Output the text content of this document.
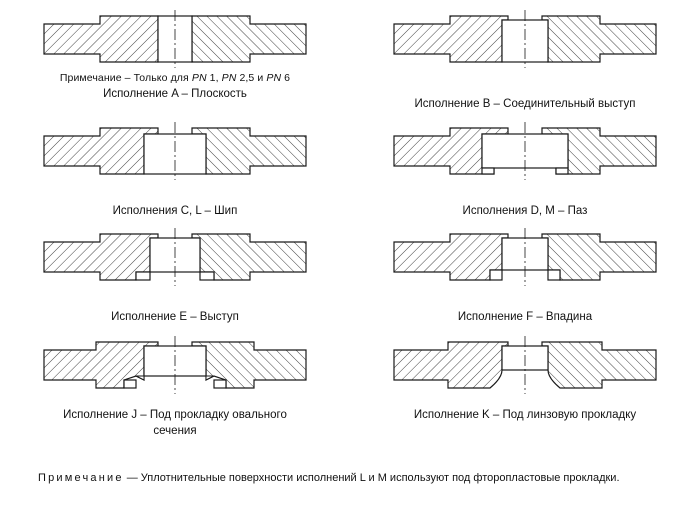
Примечание – Только для PN 1, PN 2,5 и PN 6
Исполнение A – Плоскость
Исполнение B – Соединительный выступ
Исполнения C, L – Шип	Исполнения D, M – Паз
Исполнение E – Выступ	Исполнение F – Впадина
Исполнение J – Под прокладку овального сечения
Исполнение K – Под линзовую прокладку
Примечание — Уплотнительные поверхности исполнений L и M используют под фторопластовые прокладки.
